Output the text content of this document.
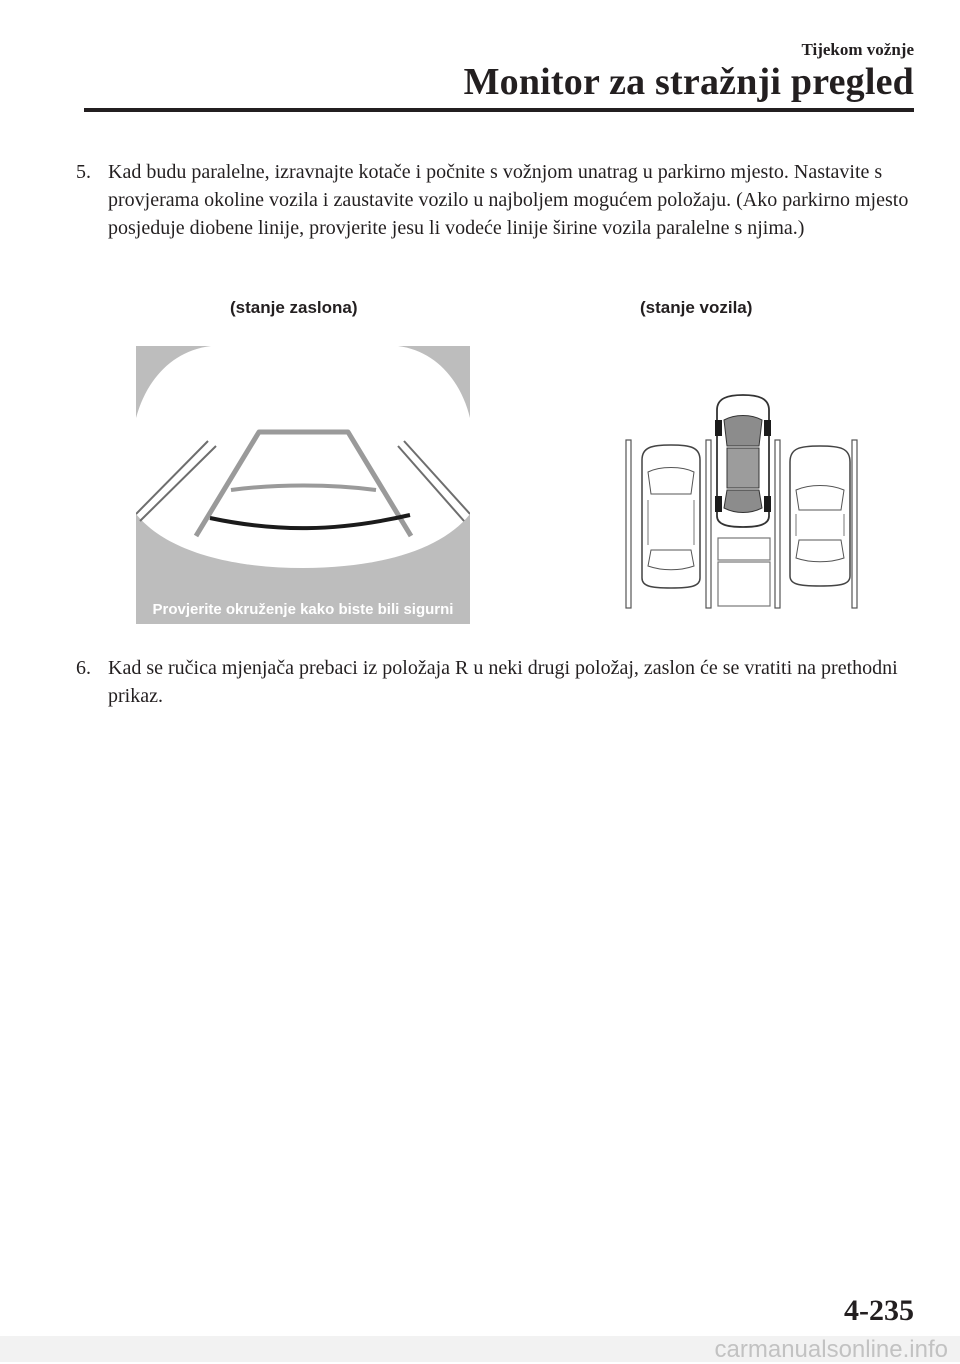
Tijekom vožnje
Monitor za stražnji pregled
5. Kad budu paralelne, izravnajte kotače i počnite s vožnjom unatrag u parkirno mjesto. Nastavite s provjerama okoline vozila i zaustavite vozilo u najboljem mogućem položaju. (Ako parkirno mjesto posjeduje diobene linije, provjerite jesu li vodeće linije širine vozila paralelne s njima.)
(stanje zaslona)	(stanje vozila)
Provjerite okruženje kako biste bili sigurni
6. Kad se ručica mjenjača prebaci iz položaja R u neki drugi položaj, zaslon će se vratiti na prethodni prikaz.
4-235
carmanualsonline.info
